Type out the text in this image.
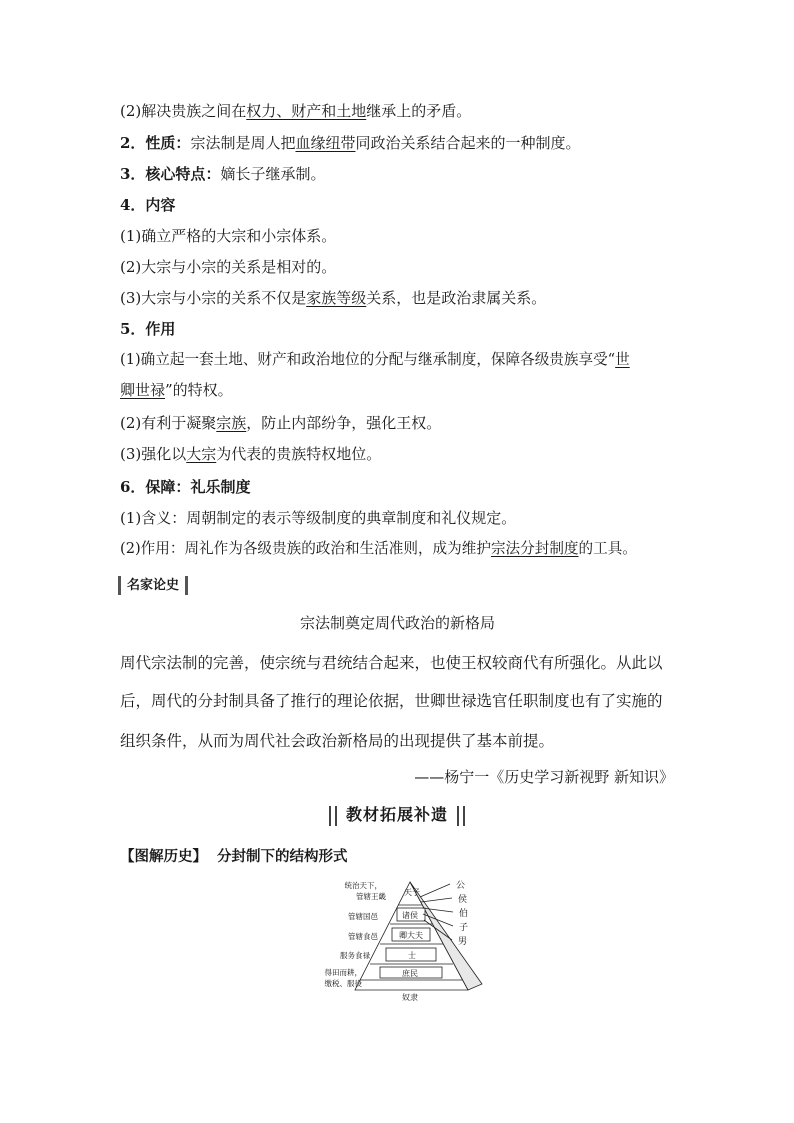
(2)解决贵族之间在权力、财产和土地继承上的矛盾。
2．性质：宗法制是周人把血缘纽带同政治关系结合起来的一种制度。
3．核心特点：嫡长子继承制。
4．内容
(1)确立严格的大宗和小宗体系。
(2)大宗与小宗的关系是相对的。
(3)大宗与小宗的关系不仅是家族等级关系，也是政治隶属关系。
5．作用
(1)确立起一套土地、财产和政治地位的分配与继承制度，保障各级贵族享受“世
卿世禄”的特权。
(2)有利于凝聚宗族，防止内部纷争，强化王权。
(3)强化以大宗为代表的贵族特权地位。
6．保障：礼乐制度
(1)含义：周朝制定的表示等级制度的典章制度和礼仪规定。
(2)作用：周礼作为各级贵族的政治和生活准则，成为维护宗法分封制度的工具。
名家论史
宗法制奠定周代政治的新格局
周代宗法制的完善，使宗统与君统结合起来，也使王权较商代有所强化。从此以
后，周代的分封制具备了推行的理论依据，世卿世禄选官任职制度也有了实施的
组织条件，从而为周代社会政治新格局的出现提供了基本前提。
——杨宁一《历史学习新视野 新知识》
教材拓展补遗
【图解历史】 分封制下的结构形式
天子
诸侯
卿大夫
士
庶民
奴隶
统治天下，
管辖王畿
管辖国邑
管辖食邑
服务食禄
得田而耕，
缴税、服役
公
侯
伯
子
男
